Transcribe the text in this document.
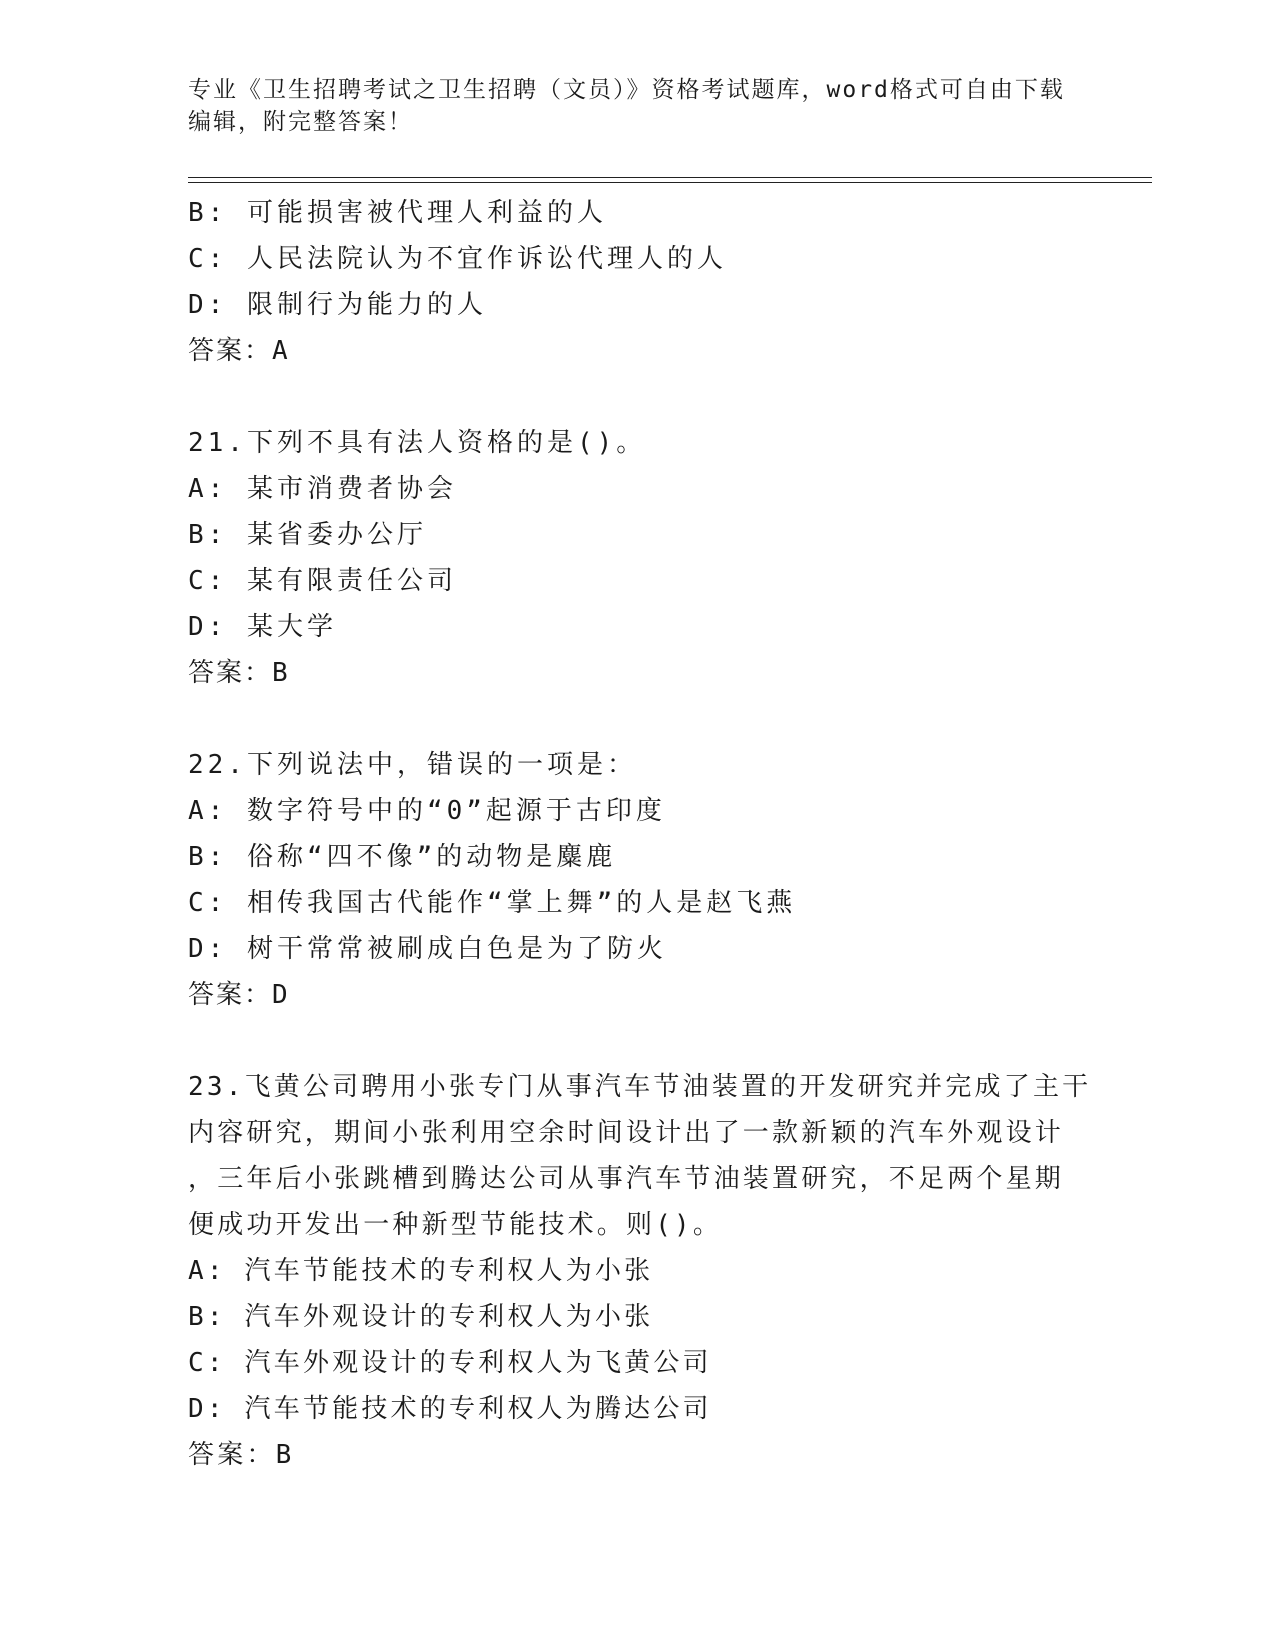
专业《卫生招聘考试之卫生招聘（文员）》资格考试题库，word格式可自由下载
编辑，附完整答案！
B: 可能损害被代理人利益的人
C: 人民法院认为不宜作诉讼代理人的人
D: 限制行为能力的人
答案：A
21.下列不具有法人资格的是()。
A: 某市消费者协会
B: 某省委办公厅
C: 某有限责任公司
D: 某大学
答案：B
22.下列说法中，错误的一项是：
A: 数字符号中的“0”起源于古印度
B: 俗称“四不像”的动物是麋鹿
C: 相传我国古代能作“掌上舞”的人是赵飞燕
D: 树干常常被刷成白色是为了防火
答案：D
23.飞黄公司聘用小张专门从事汽车节油装置的开发研究并完成了主干
内容研究，期间小张利用空余时间设计出了一款新颖的汽车外观设计
，三年后小张跳槽到腾达公司从事汽车节油装置研究，不足两个星期
便成功开发出一种新型节能技术。则()。
A: 汽车节能技术的专利权人为小张
B: 汽车外观设计的专利权人为小张
C: 汽车外观设计的专利权人为飞黄公司
D: 汽车节能技术的专利权人为腾达公司
答案：B
